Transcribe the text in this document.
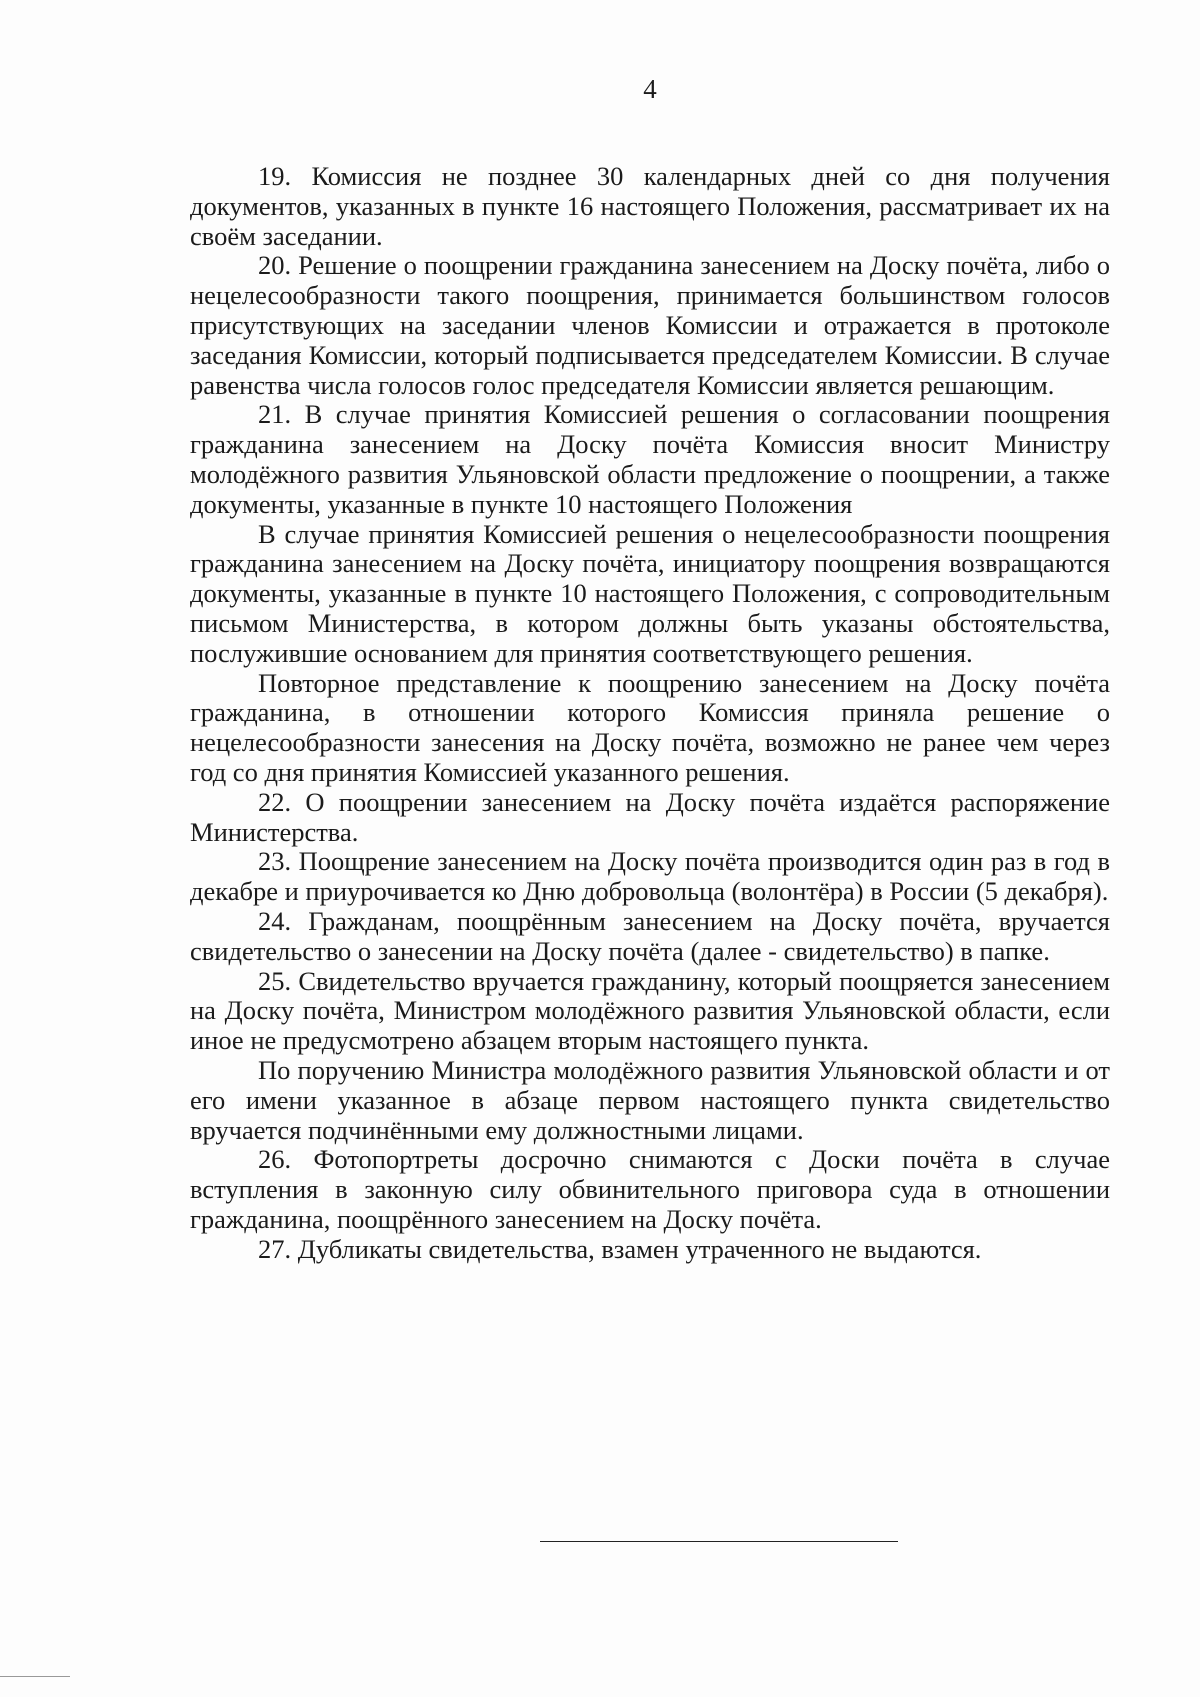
4

19. Комиссия не позднее 30 календарных дней со дня получения документов, указанных в пункте 16 настоящего Положения, рассматривает их на своём заседании.

20. Решение о поощрении гражданина занесением на Доску почёта, либо о нецелесообразности такого поощрения, принимается большинством голосов присутствующих на заседании членов Комиссии и отражается в протоколе заседания Комиссии, который подписывается председателем Комиссии. В случае равенства числа голосов голос председателя Комиссии является решающим.

21. В случае принятия Комиссией решения о согласовании поощрения гражданина занесением на Доску почёта Комиссия вносит Министру молодёжного развития Ульяновской области предложение о поощрении, а также документы, указанные в пункте 10 настоящего Положения

В случае принятия Комиссией решения о нецелесообразности поощрения гражданина занесением на Доску почёта, инициатору поощрения возвращаются документы, указанные в пункте 10 настоящего Положения, с сопроводительным письмом Министерства, в котором должны быть указаны обстоятельства, послужившие основанием для принятия соответствующего решения.

Повторное представление к поощрению занесением на Доску почёта гражданина, в отношении которого Комиссия приняла решение о нецелесообразности занесения на Доску почёта, возможно не ранее чем через год со дня принятия Комиссией указанного решения.

22. О поощрении занесением на Доску почёта издаётся распоряжение Министерства.

23. Поощрение занесением на Доску почёта производится один раз в год в декабре и приурочивается ко Дню добровольца (волонтёра) в России (5 декабря).

24. Гражданам, поощрённым занесением на Доску почёта, вручается свидетельство о занесении на Доску почёта (далее - свидетельство) в папке.

25. Свидетельство вручается гражданину, который поощряется занесением на Доску почёта, Министром молодёжного развития Ульяновской области, если иное не предусмотрено абзацем вторым настоящего пункта.

По поручению Министра молодёжного развития Ульяновской области и от его имени указанное в абзаце первом настоящего пункта свидетельство вручается подчинёнными ему должностными лицами.

26. Фотопортреты досрочно снимаются с Доски почёта в случае вступления в законную силу обвинительного приговора суда в отношении гражданина, поощрённого занесением на Доску почёта.

27. Дубликаты свидетельства, взамен утраченного не выдаются.
